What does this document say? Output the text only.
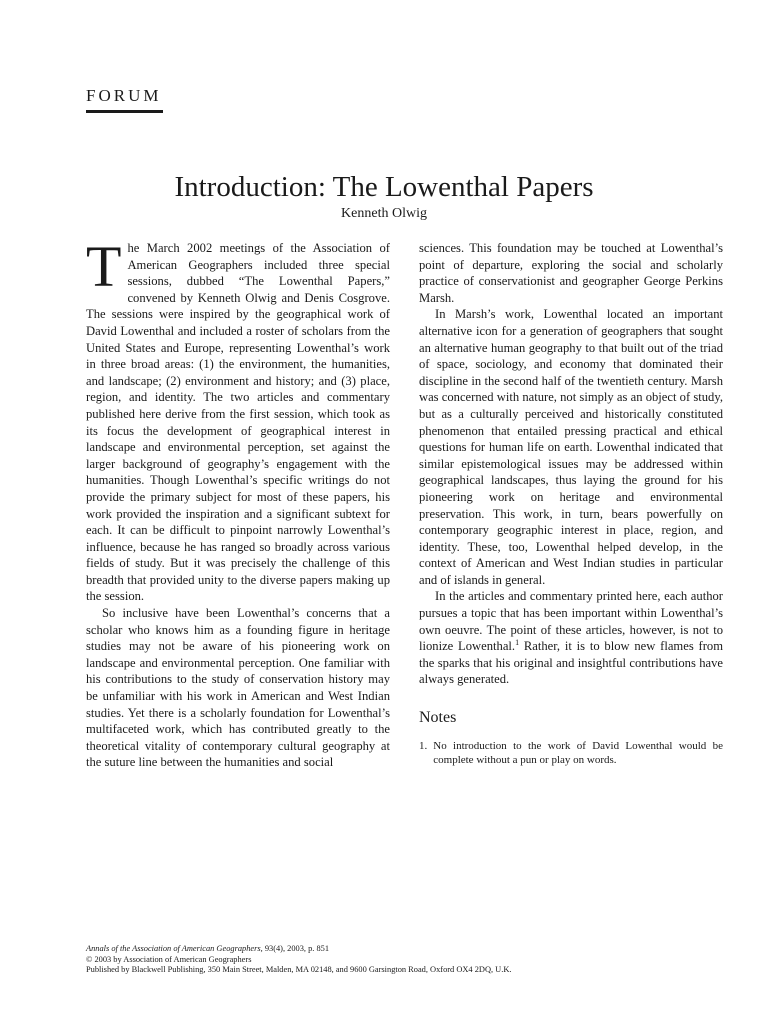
FORUM
Introduction: The Lowenthal Papers
Kenneth Olwig

The March 2002 meetings of the Association of American Geographers included three special sessions, dubbed “The Lowenthal Papers,” convened by Kenneth Olwig and Denis Cosgrove. The sessions were inspired by the geographical work of David Lowenthal and included a roster of scholars from the United States and Europe, representing Lowenthal’s work in three broad areas: (1) the environment, the humanities, and landscape; (2) environment and history; and (3) place, region, and identity. The two articles and commentary published here derive from the first session, which took as its focus the development of geographical interest in landscape and environmental perception, set against the larger background of geography’s engagement with the humanities. Though Lowenthal’s specific writings do not provide the primary subject for most of these papers, his work provided the inspiration and a significant subtext for each. It can be difficult to pinpoint narrowly Lowenthal’s influence, because he has ranged so broadly across various fields of study. But it was precisely the challenge of this breadth that provided unity to the diverse papers making up the session.

So inclusive have been Lowenthal’s concerns that a scholar who knows him as a founding figure in heritage studies may not be aware of his pioneering work on landscape and environmental perception. One familiar with his contributions to the study of conservation history may be unfamiliar with his work in American and West Indian studies. Yet there is a scholarly foundation for Lowenthal’s multifaceted work, which has contributed greatly to the theoretical vitality of contemporary cultural geography at the suture line between the humanities and social

sciences. This foundation may be touched at Lowenthal’s point of departure, exploring the social and scholarly practice of conservationist and geographer George Perkins Marsh.

In Marsh’s work, Lowenthal located an important alternative icon for a generation of geographers that sought an alternative human geography to that built out of the triad of space, sociology, and economy that dominated their discipline in the second half of the twentieth century. Marsh was concerned with nature, not simply as an object of study, but as a culturally perceived and historically constituted phenomenon that entailed pressing practical and ethical questions for human life on earth. Lowenthal indicated that similar epistemological issues may be addressed within geographical landscapes, thus laying the ground for his pioneering work on heritage and environmental preservation. This work, in turn, bears powerfully on contemporary geographic interest in place, region, and identity. These, too, Lowenthal helped develop, in the context of American and West Indian studies in particular and of islands in general.

In the articles and commentary printed here, each author pursues a topic that has been important within Lowenthal’s own oeuvre. The point of these articles, however, is not to lionize Lowenthal.$^1$ Rather, it is to blow new flames from the sparks that his original and insightful contributions have always generated.

Notes
1. No introduction to the work of David Lowenthal would be complete without a pun or play on words.
Annals of the Association of American Geographers, 93(4), 2003, p. 851
© 2003 by Association of American Geographers
Published by Blackwell Publishing, 350 Main Street, Malden, MA 02148, and 9600 Garsington Road, Oxford OX4 2DQ, U.K.
